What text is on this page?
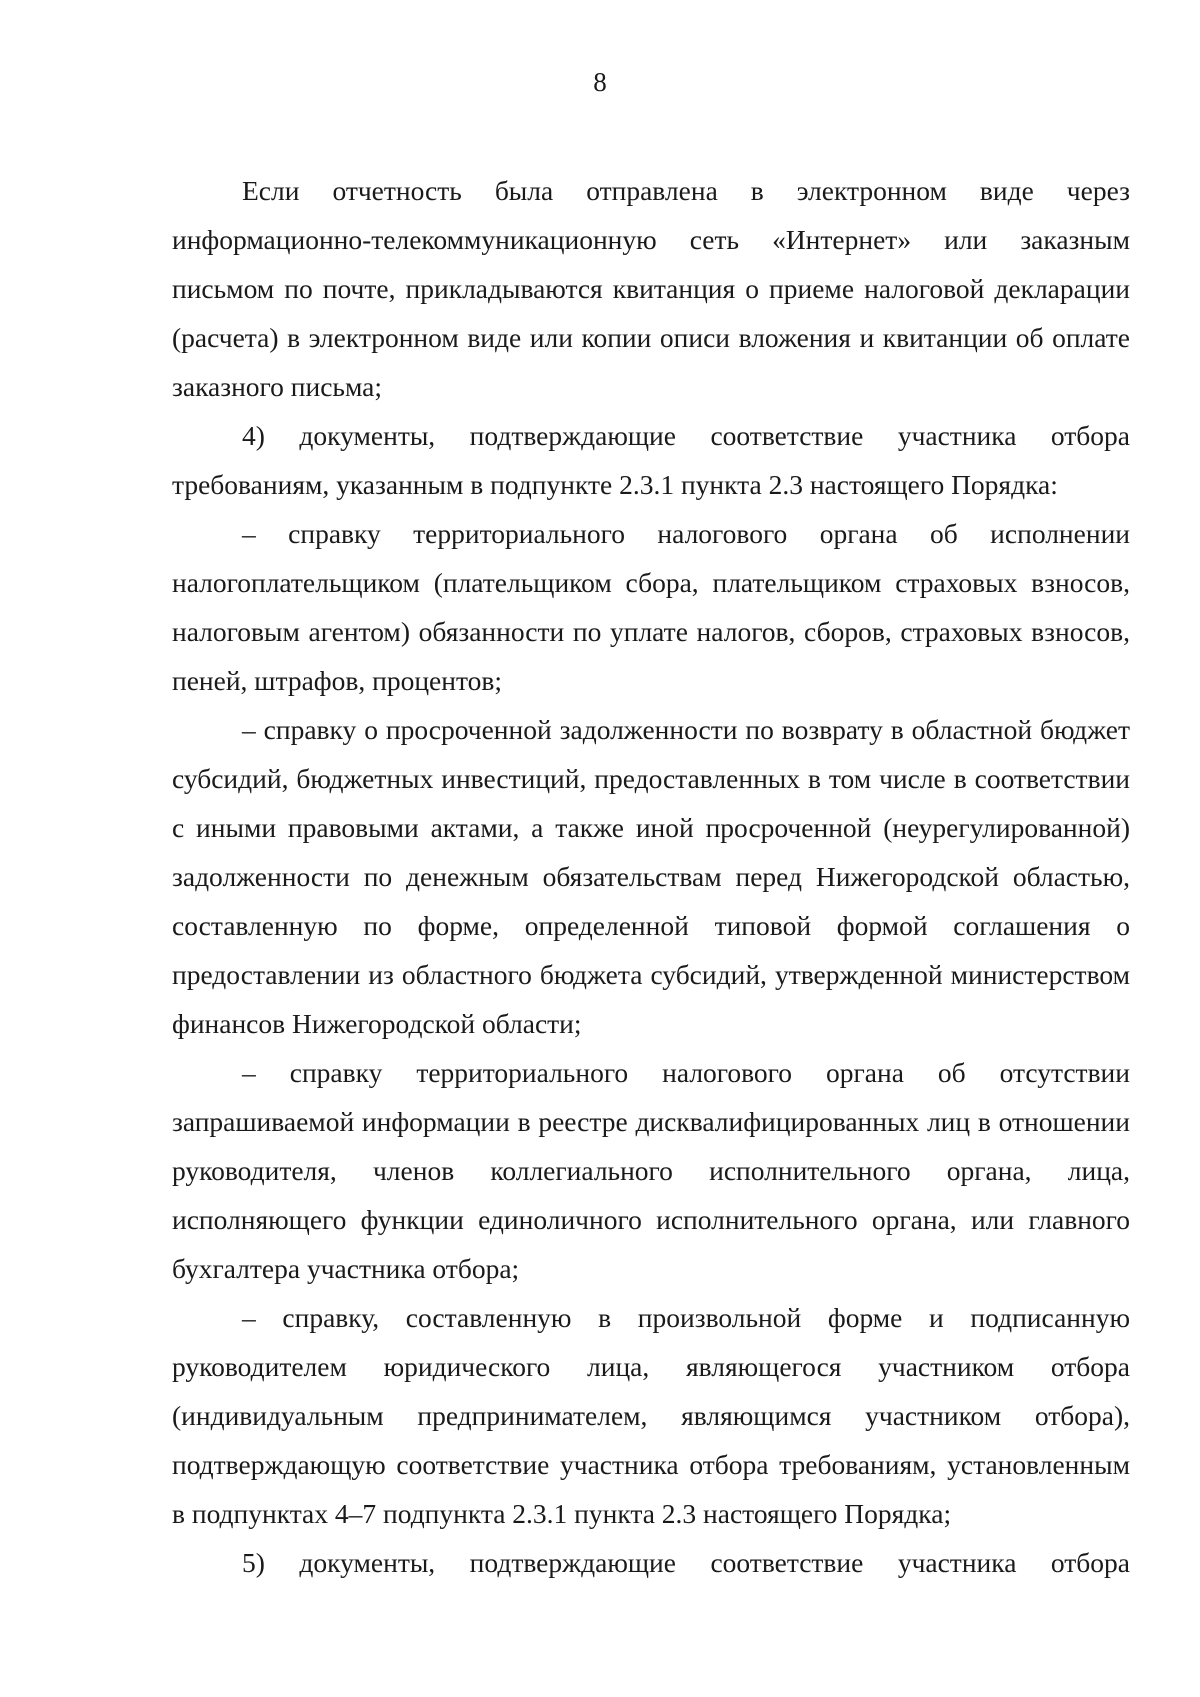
8

Если отчетность была отправлена в электронном виде через информационно-телекоммуникационную сеть «Интернет» или заказным письмом по почте, прикладываются квитанция о приеме налоговой декларации (расчета) в электронном виде или копии описи вложения и квитанции об оплате заказного письма;

4) документы, подтверждающие соответствие участника отбора требованиям, указанным в подпункте 2.3.1 пункта 2.3 настоящего Порядка:

– справку территориального налогового органа об исполнении налогоплательщиком (плательщиком сбора, плательщиком страховых взносов, налоговым агентом) обязанности по уплате налогов, сборов, страховых взносов, пеней, штрафов, процентов;

– справку о просроченной задолженности по возврату в областной бюджет субсидий, бюджетных инвестиций, предоставленных в том числе в соответствии с иными правовыми актами, а также иной просроченной (неурегулированной) задолженности по денежным обязательствам перед Нижегородской областью, составленную по форме, определенной типовой формой соглашения о предоставлении из областного бюджета субсидий, утвержденной министерством финансов Нижегородской области;

– справку территориального налогового органа об отсутствии запрашиваемой информации в реестре дисквалифицированных лиц в отношении руководителя, членов коллегиального исполнительного органа, лица, исполняющего функции единоличного исполнительного органа, или главного бухгалтера участника отбора;

– справку, составленную в произвольной форме и подписанную руководителем юридического лица, являющегося участником отбора (индивидуальным предпринимателем, являющимся участником отбора), подтверждающую соответствие участника отбора требованиям, установленным в подпунктах 4–7 подпункта 2.3.1 пункта 2.3 настоящего Порядка;

5) документы, подтверждающие соответствие участника отбора
